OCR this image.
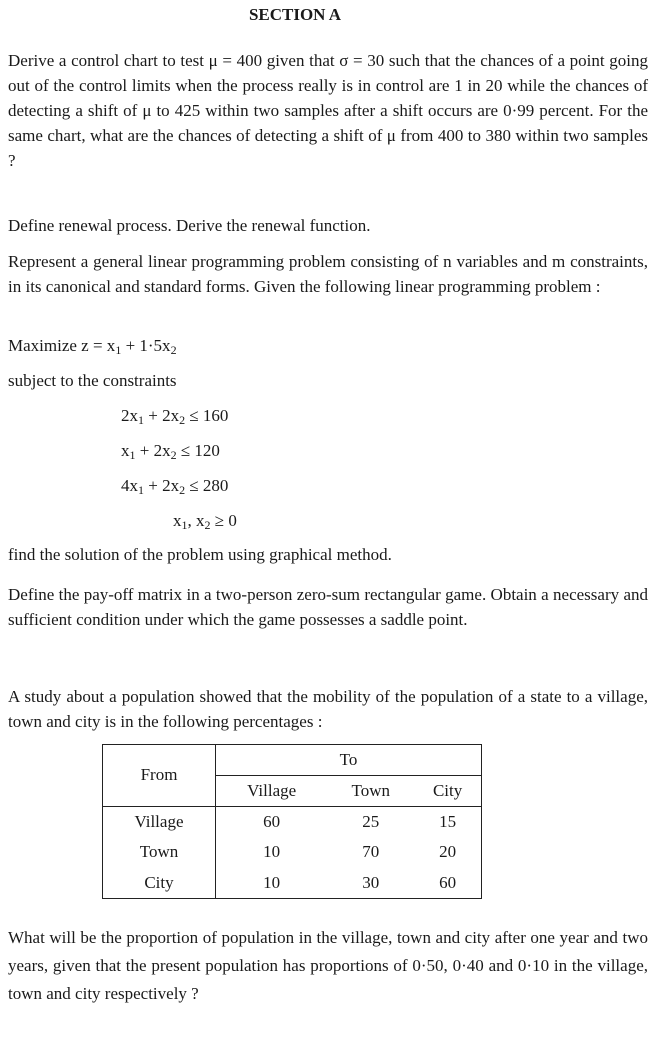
SECTION A
Derive a control chart to test μ = 400 given that σ = 30 such that the chances of a point going out of the control limits when the process really is in control are 1 in 20 while the chances of detecting a shift of μ to 425 within two samples after a shift occurs are 0·99 percent. For the same chart, what are the chances of detecting a shift of μ from 400 to 380 within two samples ?
Define renewal process. Derive the renewal function.
Represent a general linear programming problem consisting of n variables and m constraints, in its canonical and standard forms. Given the following linear programming problem :
Maximize $z = x_1 + 1\cdot 5x_2$
subject to the constraints
$2x_1 + 2x_2 \le 160$
$x_1 + 2x_2 \le 120$
$4x_1 + 2x_2 \le 280$
$x_1$, $x_2 \ge 0$
find the solution of the problem using graphical method.
Define the pay-off matrix in a two-person zero-sum rectangular game. Obtain a necessary and sufficient condition under which the game possesses a saddle point.
A study about a population showed that the mobility of the population of a state to a village, town and city is in the following percentages :
From	To		
	Village	Town	City
Village	60	25	15
Town	10	70	20
City	10	30	60
What will be the proportion of population in the village, town and city after one year and two years, given that the present population has proportions of 0·50, 0·40 and 0·10 in the village, town and city respectively ?
